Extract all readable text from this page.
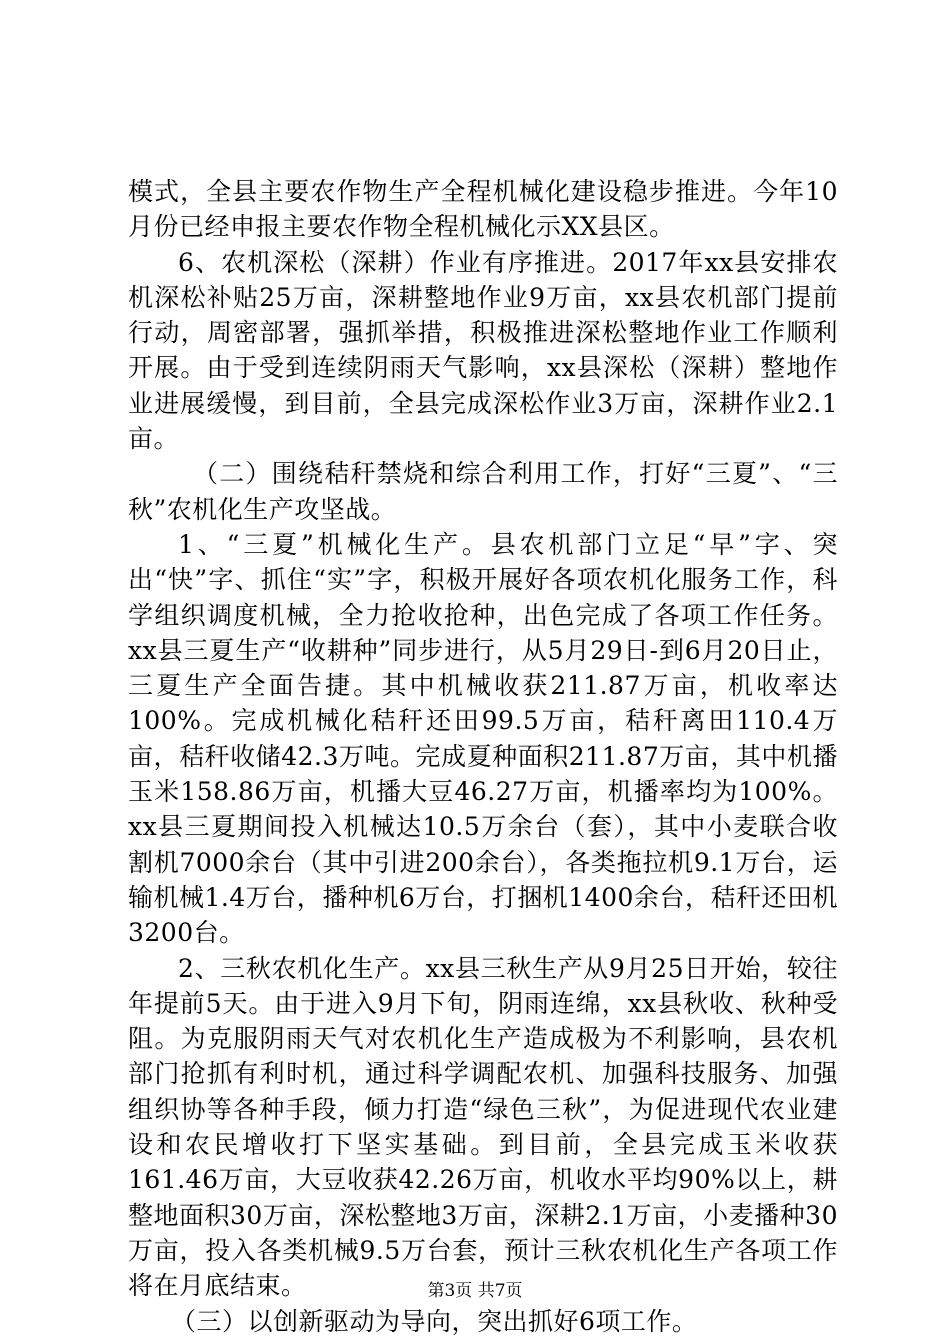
模式，全县主要农作物生产全程机械化建设稳步推进。今年10月份已经申报主要农作物全程机械化示XX县区。

6、农机深松（深耕）作业有序推进。2017年xx县安排农机深松补贴25万亩，深耕整地作业9万亩，xx县农机部门提前行动，周密部署，强抓举措，积极推进深松整地作业工作顺利开展。由于受到连续阴雨天气影响，xx县深松（深耕）整地作业进展缓慢，到目前，全县完成深松作业3万亩，深耕作业2.1亩。

（二）围绕秸秆禁烧和综合利用工作，打好“三夏”、“三秋”农机化生产攻坚战。

1、“三夏”机械化生产。县农机部门立足“早”字、突出“快”字、抓住“实”字，积极开展好各项农机化服务工作，科学组织调度机械，全力抢收抢种，出色完成了各项工作任务。xx县三夏生产“收耕种”同步进行，从5月29日-到6月20日止，三夏生产全面告捷。其中机械收获211.87万亩，机收率达100%。完成机械化秸秆还田99.5万亩，秸秆离田110.4万亩，秸秆收储42.3万吨。完成夏种面积211.87万亩，其中机播玉米158.86万亩，机播大豆46.27万亩，机播率均为100%。xx县三夏期间投入机械达10.5万余台（套），其中小麦联合收割机7000余台（其中引进200余台），各类拖拉机9.1万台，运输机械1.4万台，播种机6万台，打捆机1400余台，秸秆还田机3200台。

2、三秋农机化生产。xx县三秋生产从9月25日开始，较往年提前5天。由于进入9月下旬，阴雨连绵，xx县秋收、秋种受阻。为克服阴雨天气对农机化生产造成极为不利影响，县农机部门抢抓有利时机，通过科学调配农机、加强科技服务、加强组织协等各种手段，倾力打造“绿色三秋”，为促进现代农业建设和农民增收打下坚实基础。到目前，全县完成玉米收获161.46万亩，大豆收获42.26万亩，机收水平均90%以上，耕整地面积30万亩，深松整地3万亩，深耕2.1万亩，小麦播种30万亩，投入各类机械9.5万台套，预计三秋农机化生产各项工作将在月底结束。

（三）以创新驱动为导向，突出抓好6项工作。

第3页 共7页
